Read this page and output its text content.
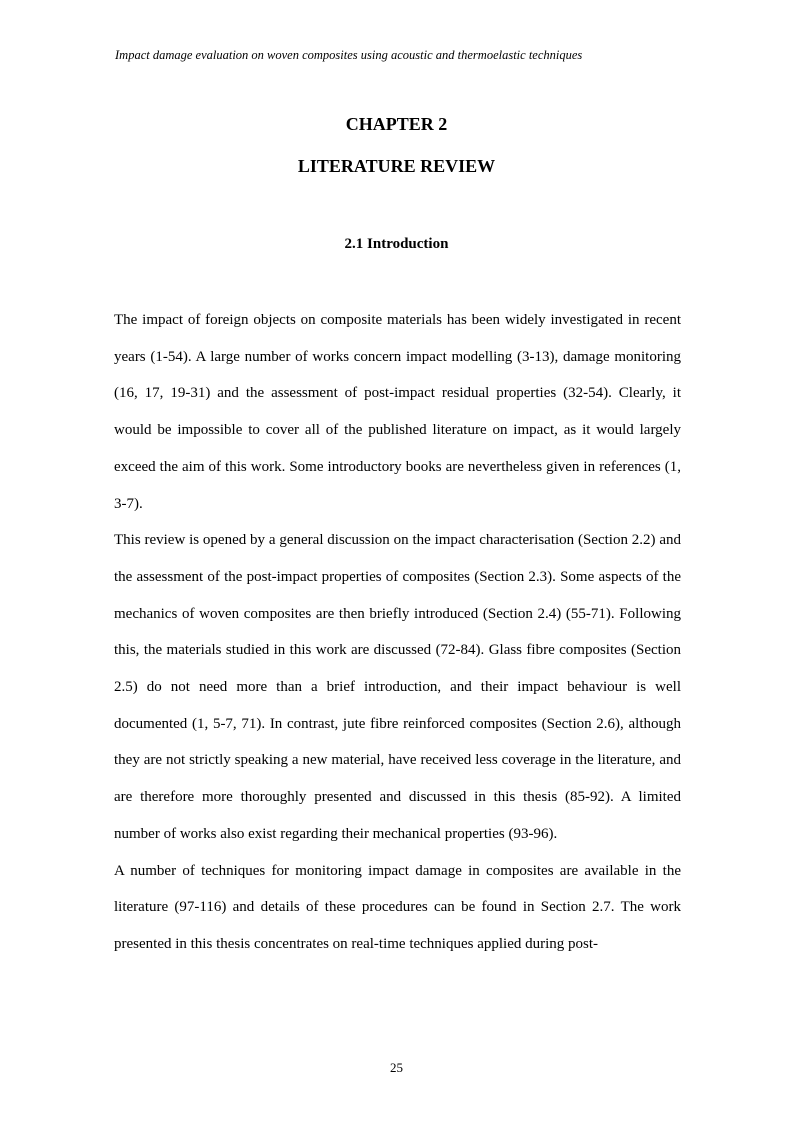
Impact damage evaluation on woven composites using acoustic and thermoelastic techniques
CHAPTER 2
LITERATURE REVIEW
2.1 Introduction

The impact of foreign objects on composite materials has been widely investigated in recent years (1-54). A large number of works concern impact modelling (3-13), damage monitoring (16, 17, 19-31) and the assessment of post-impact residual properties (32-54). Clearly, it would be impossible to cover all of the published literature on impact, as it would largely exceed the aim of this work. Some introductory books are nevertheless given in references (1, 3-7).

This review is opened by a general discussion on the impact characterisation (Section 2.2) and the assessment of the post-impact properties of composites (Section 2.3). Some aspects of the mechanics of woven composites are then briefly introduced (Section 2.4) (55-71). Following this, the materials studied in this work are discussed (72-84). Glass fibre composites (Section 2.5) do not need more than a brief introduction, and their impact behaviour is well documented (1, 5-7, 71). In contrast, jute fibre reinforced composites (Section 2.6), although they are not strictly speaking a new material, have received less coverage in the literature, and are therefore more thoroughly presented and discussed in this thesis (85-92). A limited number of works also exist regarding their mechanical properties (93-96).

A number of techniques for monitoring impact damage in composites are available in the literature (97-116) and details of these procedures can be found in Section 2.7. The work presented in this thesis concentrates on real-time techniques applied during post-

25
